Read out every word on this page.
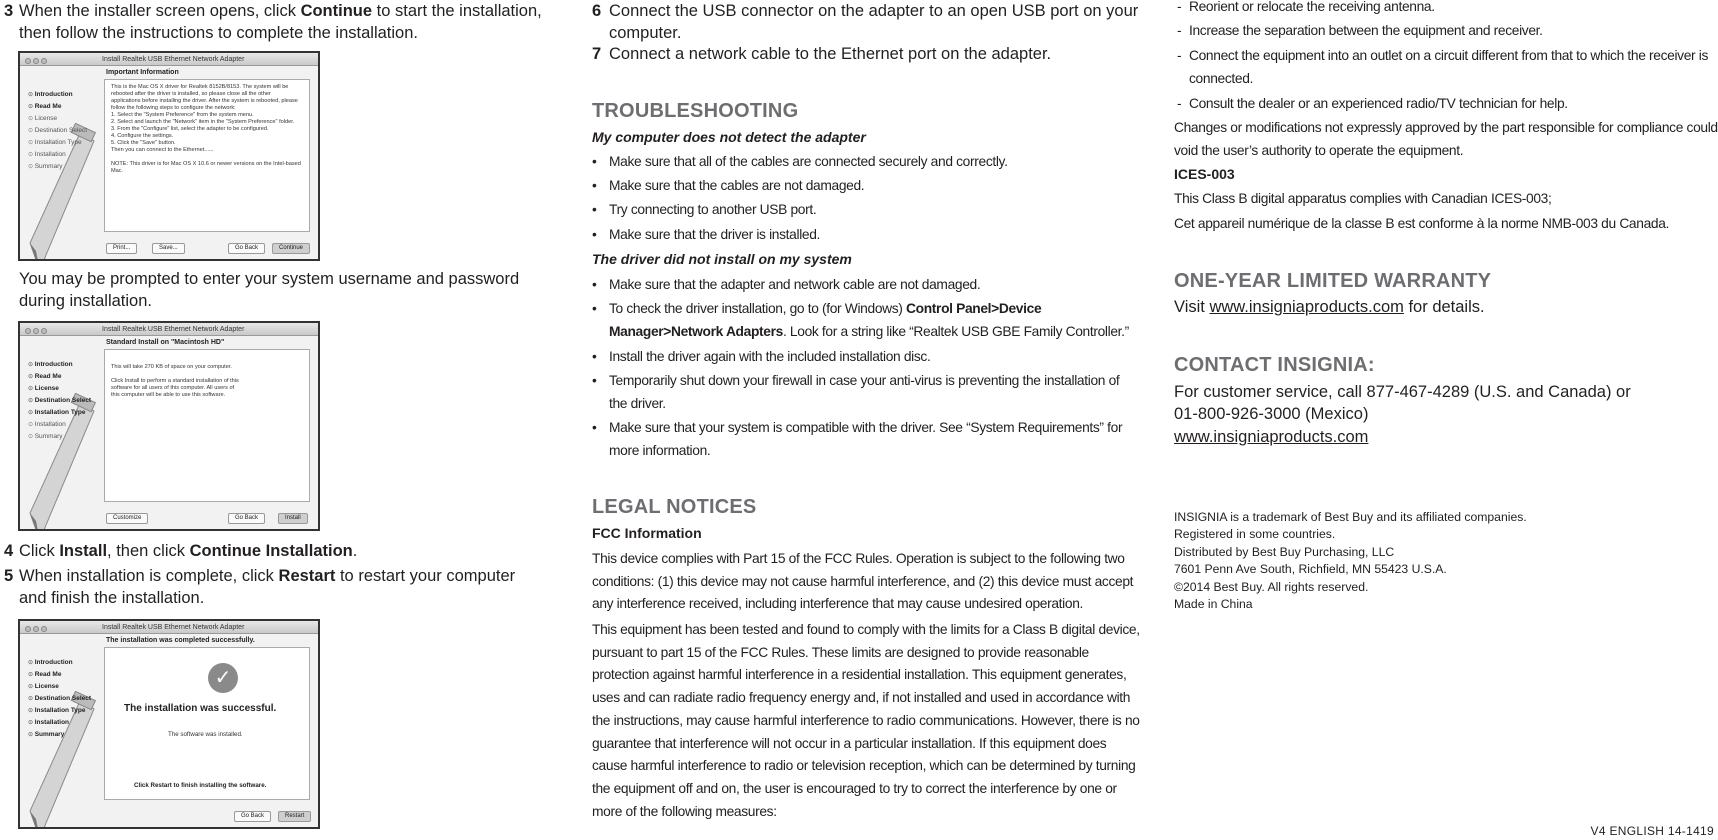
3 When the installer screen opens, click Continue to start the installation, then follow the instructions to complete the installation.
Install Realtek USB Ethernet Network Adapter
Important Information
⊙ Introduction
⊙ Read Me
⊙ License
⊙ Destination Select
⊙ Installation Type
⊙ Installation
⊙ Summary
This is the Mac OS X driver for Realtek 8152B/8153. The system will be
rebooted after the driver is installed, so please close all the other
applications before installing the driver. After the system is rebooted, please
follow the following steps to configure the network:
1. Select the "System Preference" from the system menu.
2. Select and launch the "Network" item in the "System Preference" folder.
3. From the "Configure" list, select the adapter to be configured.
4. Configure the settings.
5. Click the "Save" button.
Then you can connect to the Ethernet......

NOTE: This driver is for Mac OS X 10.6 or newer versions on the Intel-based
Mac.
Print...	Save...	Go Back	Continue
You may be prompted to enter your system username and password during installation.
Install Realtek USB Ethernet Network Adapter
Standard Install on "Macintosh HD"
⊙ Introduction
⊙ Read Me
⊙ License
⊙ Destination Select
⊙ Installation Type
⊙ Installation
⊙ Summary
This will take 270 KB of space on your computer.

Click Install to perform a standard installation of this
software for all users of this computer. All users of
this computer will be able to use this software.
Customize	Go Back	Install
4 Click Install, then click Continue Installation.
5 When installation is complete, click Restart to restart your computer and finish the installation.
Install Realtek USB Ethernet Network Adapter
The installation was completed successfully.
⊙ Introduction
⊙ Read Me
⊙ License
⊙ Destination Select
⊙ Installation Type
⊙ Installation
⊙ Summary
✓
The installation was successful.
The software was installed.
Click Restart to finish installing the software.
Go Back	Restart
6 Connect the USB connector on the adapter to an open USB port on your computer.
7 Connect a network cable to the Ethernet port on the adapter.
TROUBLESHOOTING
My computer does not detect the adapter
• Make sure that all of the cables are connected securely and correctly.
• Make sure that the cables are not damaged.
• Try connecting to another USB port.
• Make sure that the driver is installed.
The driver did not install on my system
• Make sure that the adapter and network cable are not damaged.
• To check the driver installation, go to (for Windows) Control Panel>Device Manager>Network Adapters. Look for a string like “Realtek USB GBE Family Controller.”
• Install the driver again with the included installation disc.
• Temporarily shut down your firewall in case your anti-virus is preventing the installation of the driver.
• Make sure that your system is compatible with the driver. See “System Requirements” for more information.
LEGAL NOTICES
FCC Information
This device complies with Part 15 of the FCC Rules. Operation is subject to the following two conditions: (1) this device may not cause harmful interference, and (2) this device must accept any interference received, including interference that may cause undesired operation.
This equipment has been tested and found to comply with the limits for a Class B digital device, pursuant to part 15 of the FCC Rules. These limits are designed to provide reasonable protection against harmful interference in a residential installation. This equipment generates, uses and can radiate radio frequency energy and, if not installed and used in accordance with the instructions, may cause harmful interference to radio communications. However, there is no guarantee that interference will not occur in a particular installation. If this equipment does cause harmful interference to radio or television reception, which can be determined by turning the equipment off and on, the user is encouraged to try to correct the interference by one or more of the following measures:
- Reorient or relocate the receiving antenna.
- Increase the separation between the equipment and receiver.
- Connect the equipment into an outlet on a circuit different from that to which the receiver is connected.
- Consult the dealer or an experienced radio/TV technician for help.
Changes or modifications not expressly approved by the part responsible for compliance could void the user’s authority to operate the equipment.
ICES-003
This Class B digital apparatus complies with Canadian ICES-003;
Cet appareil numérique de la classe B est conforme à la norme NMB-003 du Canada.
ONE-YEAR LIMITED WARRANTY
Visit www.insigniaproducts.com for details.
CONTACT INSIGNIA:
For customer service, call 877-467-4289 (U.S. and Canada) or
01-800-926-3000 (Mexico)
www.insigniaproducts.com
INSIGNIA is a trademark of Best Buy and its affiliated companies.
Registered in some countries.
Distributed by Best Buy Purchasing, LLC
7601 Penn Ave South, Richfield, MN 55423 U.S.A.
©2014 Best Buy. All rights reserved.
Made in China
V4 ENGLISH 14-1419
